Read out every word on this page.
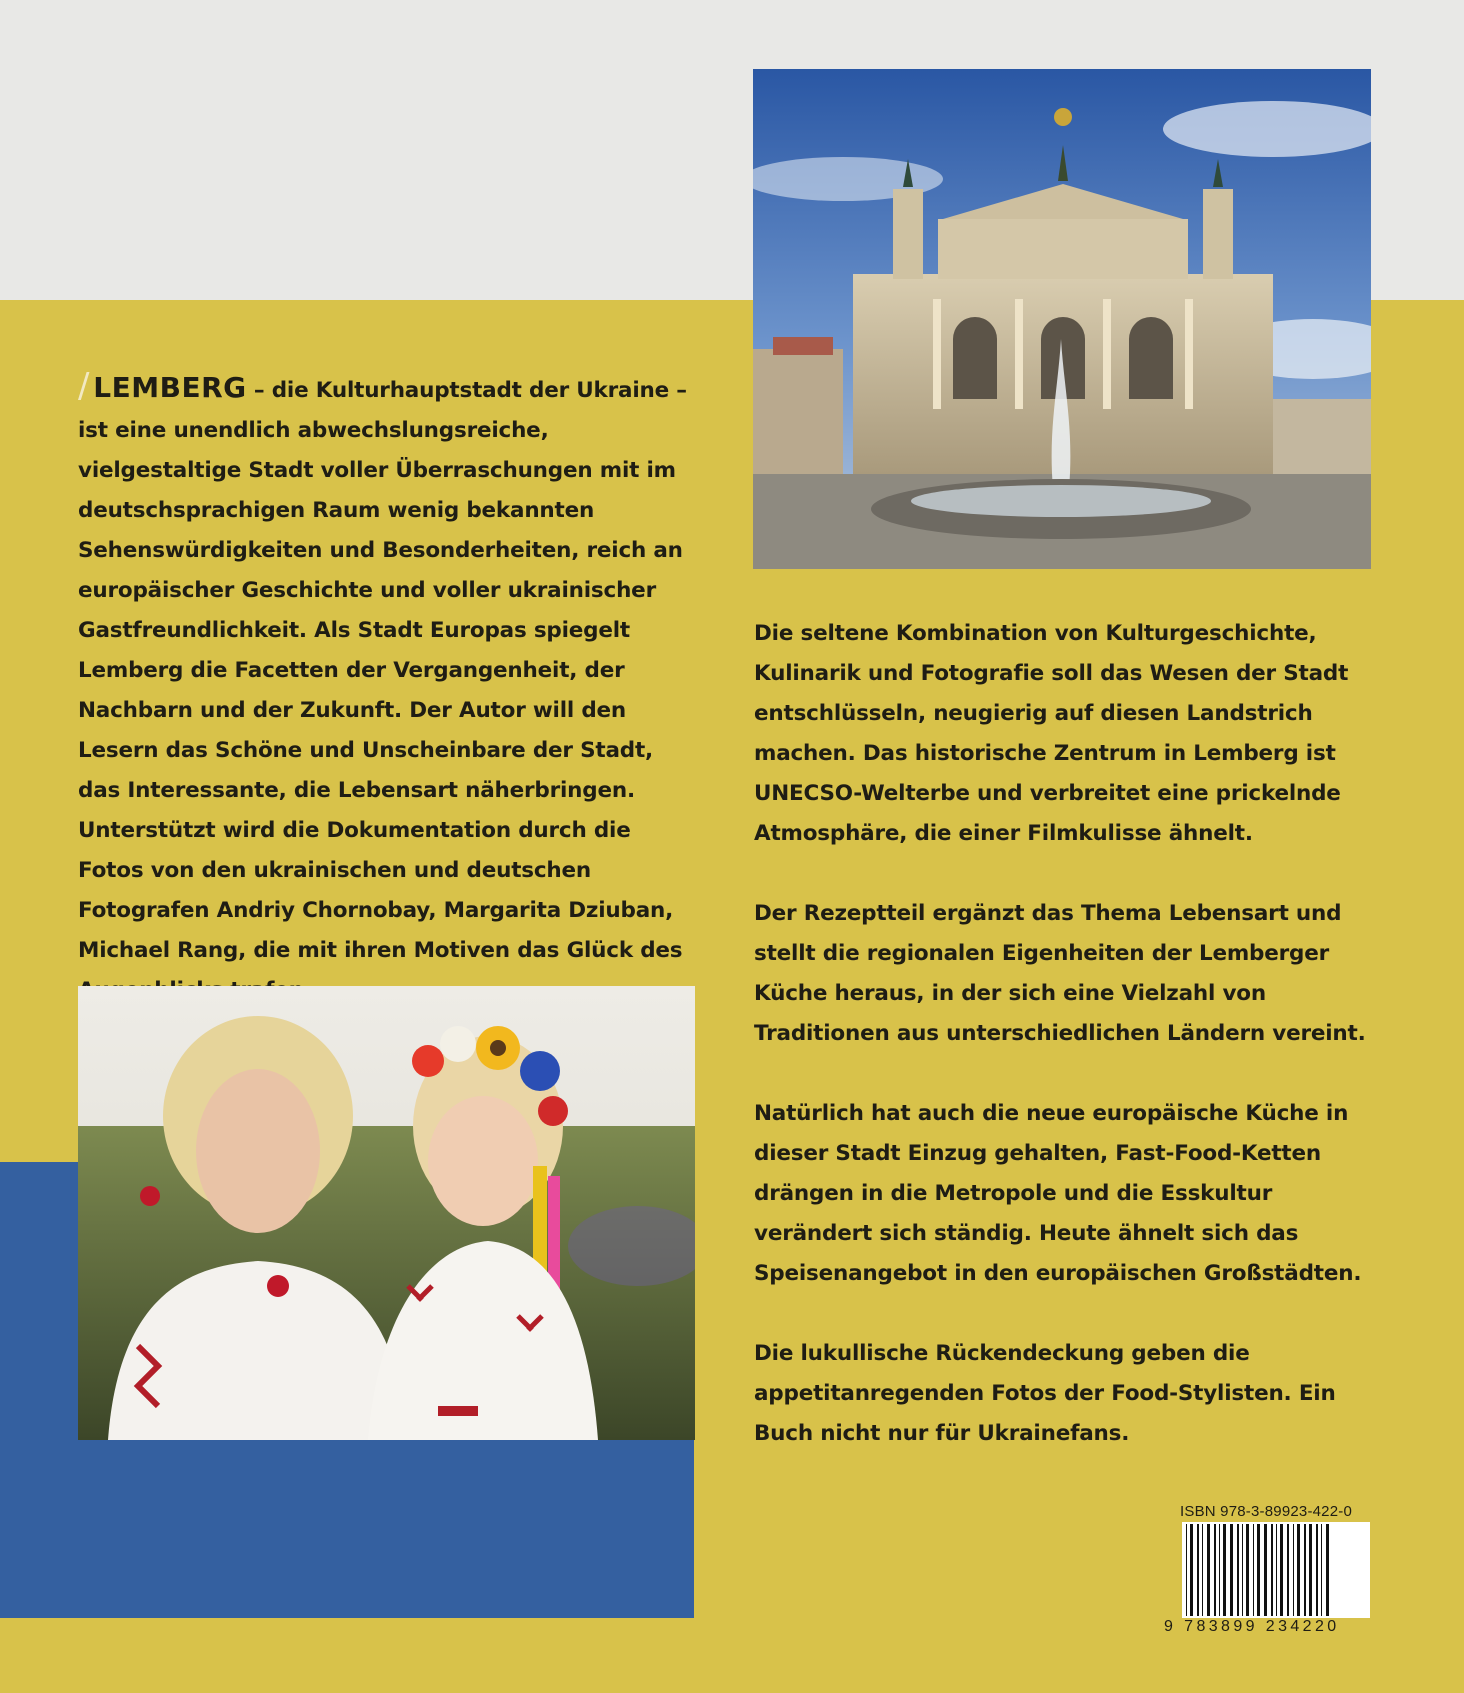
/ LEMBERG – die Kulturhauptstadt der Ukraine – ist eine unendlich abwechslungsreiche, vielgestaltige Stadt voller Überraschungen mit im deutschsprachigen Raum wenig bekannten Sehenswürdigkeiten und Besonderheiten, reich an europäischer Geschichte und voller ukrainischer Gastfreundlichkeit. Als Stadt Europas spiegelt Lemberg die Facetten der Vergangenheit, der Nachbarn und der Zukunft. Der Autor will den Lesern das Schöne und Unscheinbare der Stadt, das Interessante, die Lebensart näherbringen. Unterstützt wird die Dokumentation durch die Fotos von den ukrainischen und deutschen Fotografen Andriy Chornobay, Margarita Dziuban, Michael Rang, die mit ihren Motiven das Glück des

Die seltene Kombination von Kulturgeschichte, Kulinarik und Fotografie soll das Wesen der Stadt entschlüsseln, neugierig auf diesen Landstrich machen. Das historische Zentrum in Lemberg ist UNECSO-Welterbe und verbreitet eine prickelnde Atmosphäre, die einer Filmkulisse ähnelt.

Der Rezeptteil ergänzt das Thema Lebensart und stellt die regionalen Eigenheiten der Lemberger Küche heraus, in der sich eine Vielzahl von Traditionen aus unterschiedlichen Ländern vereint.

Natürlich hat auch die neue europäische Küche in dieser Stadt Einzug gehalten, Fast-Food-Ketten drängen in die Metropole und die Esskultur verändert sich ständig. Heute ähnelt sich das Speisenangebot in den europäischen Großstädten.

Die lukullische Rückendeckung geben die appetitanregenden Fotos der Food-Stylisten. Ein Buch nicht nur für Ukrainefans.

ISBN 978-3-89923-422-0
9 783899 234220
